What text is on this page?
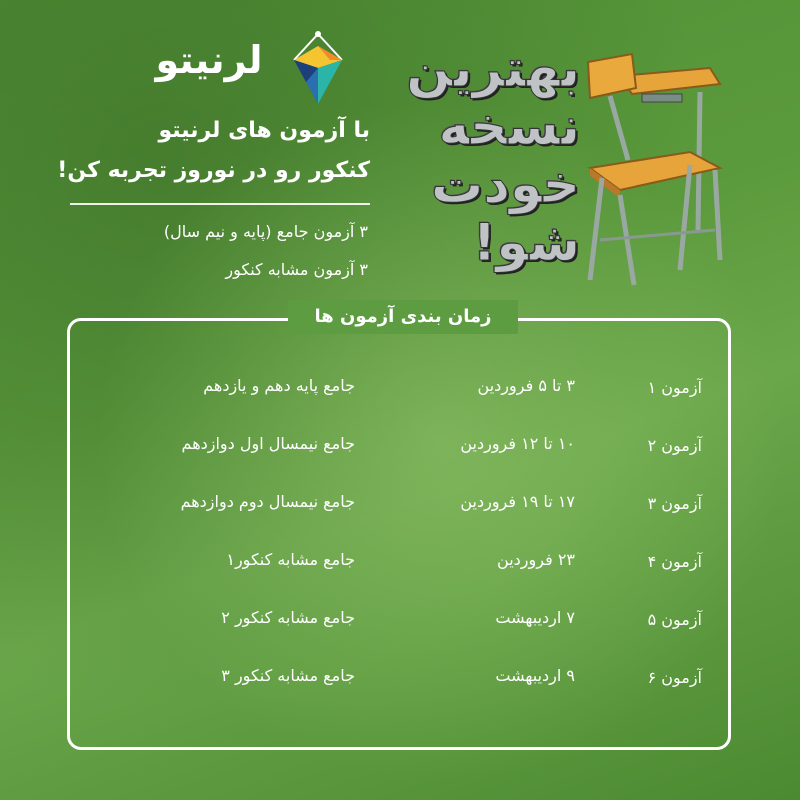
لرنیتو
با آزمون های لرنیتو
کنکور رو در نوروز تجربه کن!
۳ آزمون جامع (پایه و نیم سال)
۳ آزمون مشابه کنکور
بهترین
نسخه
خودت
شو!
زمان بندی آزمون ها
آزمون ۱
۳ تا ۵ فروردین
جامع پایه دهم و یازدهم
آزمون ۲
۱۰ تا ۱۲ فروردین
جامع نیمسال اول دوازدهم
آزمون ۳
۱۷ تا ۱۹ فروردین
جامع نیمسال دوم دوازدهم
آزمون ۴
۲۳ فروردین
جامع مشابه کنکور۱
آزمون ۵
۷ اردیبهشت
جامع مشابه کنکور ۲
آزمون ۶
۹ اردیبهشت
جامع مشابه کنکور ۳
